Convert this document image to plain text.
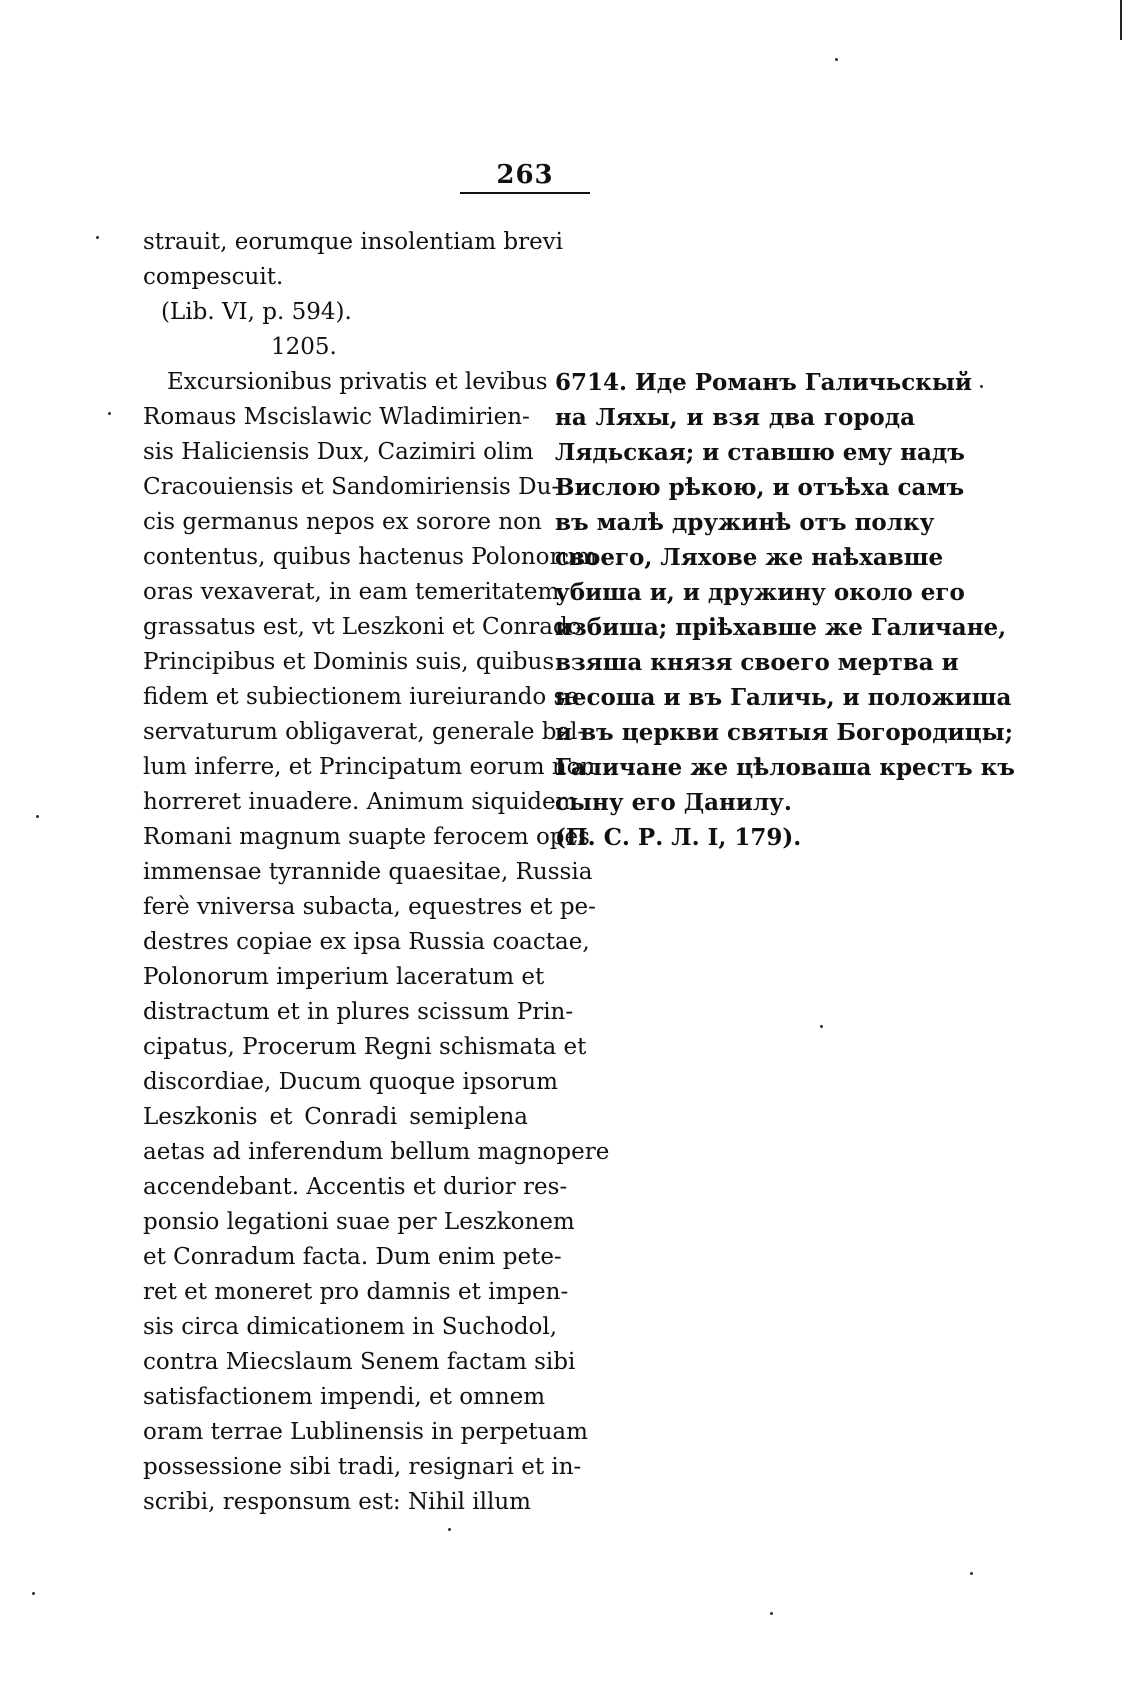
263
strauit, eorumque insolentiam brevi
compescuit.
(Lib. VI, p. 594).
1205.
Excursionibus privatis et levibus
Romaus Mscislawic Wladimirien-
sis Haliciensis Dux, Cazimiri olim
Cracouiensis et Sandomiriensis Du-
cis germanus nepos ex sorore non
contentus, quibus hactenus Polonorum
oras vexaverat, in eam temeritatem
grassatus est, vt Leszkoni et Conrado
Principibus et Dominis suis, quibus
fidem et subiectionem iureiurando se
servaturum obligaverat, generale bel-
lum inferre, et Principatum eorum non
horreret inuadere. Animum siquidem
Romani magnum suapte ferocem opes
immensae tyrannide quaesitae, Russia
ferè vniversa subacta, equestres et pe-
destres copiae ex ipsa Russia coactae,
Polonorum imperium laceratum et
distractum et in plures scissum Prin-
cipatus, Procerum Regni schismata et
discordiae, Ducum quoque ipsorum
Leszkonis et Conradi semiplena
aetas ad inferendum bellum magnopere
accendebant. Accentis et durior res-
ponsio legationi suae per Leszkonem
et Conradum facta. Dum enim pete-
ret et moneret pro damnis et impen-
sis circa dimicationem in Suchodol,
contra Miecslaum Senem factam sibi
satisfactionem impendi, et omnem
oram terrae Lublinensis in perpetuam
possessione sibi tradi, resignari et in-
scribi, responsum est: Nihil illum
6714. Иде Романъ Галичьскый
на Ляхы, и взя два города
Лядьская; и ставшю ему надъ
Вислою рѣкою, и отъѣха самъ
въ малѣ дружинѣ отъ полку
своего, Ляхове же наѣхавше
убиша и, и дружину около его
избиша; пріѣхавше же Галичане,
взяша князя своего мертва и
несоша и въ Галичь, и положиша
и въ церкви святыя Богородицы;
Галичане же цѣловаша крестъ къ
сыну его Данилу.
(П. С. Р. Л. I, 179).
